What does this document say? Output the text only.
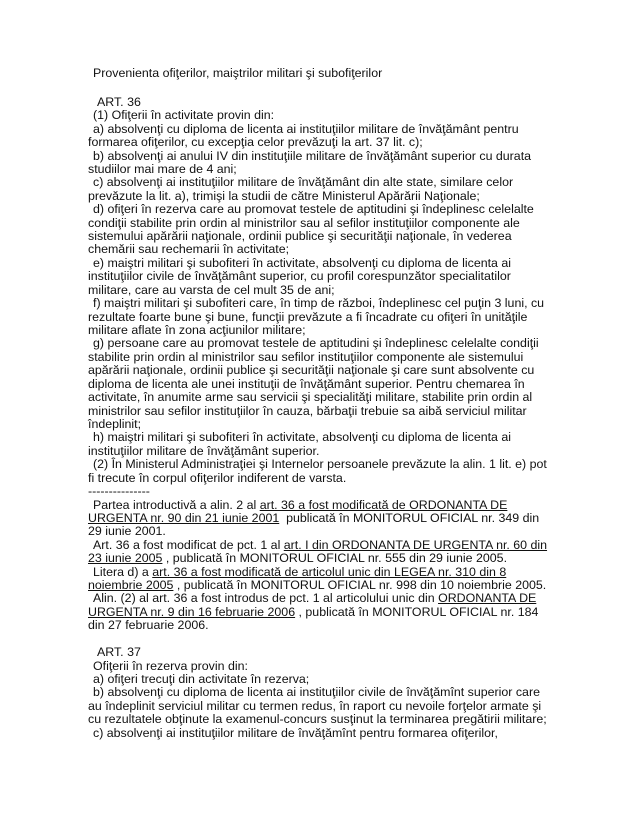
Provenienta ofiţerilor, maiştrilor militari şi subofiţerilor
ART. 36
(1) Ofiţerii în activitate provin din:
a) absolvenţi cu diploma de licenta ai instituţiilor militare de învăţământ pentru
formarea ofiţerilor, cu excepţia celor prevăzuţi la art. 37 lit. c);
b) absolvenţi ai anului IV din instituţiile militare de învăţământ superior cu durata
studiilor mai mare de 4 ani;
c) absolvenţi ai instituţiilor militare de învăţământ din alte state, similare celor
prevăzute la lit. a), trimişi la studii de către Ministerul Apărării Naţionale;
d) ofiţeri în rezerva care au promovat testele de aptitudini şi îndeplinesc celelalte
condiţii stabilite prin ordin al ministrilor sau al sefilor instituţiilor componente ale
sistemului apărării naţionale, ordinii publice şi securităţii naţionale, în vederea
chemării sau rechemarii în activitate;
e) maiştri militari şi subofiteri în activitate, absolvenţi cu diploma de licenta ai
instituţiilor civile de învăţământ superior, cu profil corespunzător specialitatilor
militare, care au varsta de cel mult 35 de ani;
f) maiştri militari şi subofiteri care, în timp de război, îndeplinesc cel puţin 3 luni, cu
rezultate foarte bune şi bune, funcţii prevăzute a fi încadrate cu ofiţeri în unităţile
militare aflate în zona acţiunilor militare;
g) persoane care au promovat testele de aptitudini şi îndeplinesc celelalte condiţii
stabilite prin ordin al ministrilor sau sefilor instituţiilor componente ale sistemului
apărării naţionale, ordinii publice şi securităţii naţionale şi care sunt absolvente cu
diploma de licenta ale unei instituţii de învăţământ superior. Pentru chemarea în
activitate, în anumite arme sau servicii şi specialităţi militare, stabilite prin ordin al
ministrilor sau sefilor instituţiilor în cauza, bărbaţii trebuie sa aibă serviciul militar
îndeplinit;
h) maiştri militari şi subofiteri în activitate, absolvenţi cu diploma de licenta ai
instituţiilor militare de învăţământ superior.
(2) În Ministerul Administraţiei şi Internelor persoanele prevăzute la alin. 1 lit. e) pot
fi trecute în corpul ofiţerilor indiferent de varsta.
---------------
Partea introductivă a alin. 2 al art. 36 a fost modificată de ORDONANTA DE
URGENTA nr. 90 din 21 iunie 2001  publicată în MONITORUL OFICIAL nr. 349 din
29 iunie 2001.
Art. 36 a fost modificat de pct. 1 al art. I din ORDONANTA DE URGENTA nr. 60 din
23 iunie 2005 , publicată în MONITORUL OFICIAL nr. 555 din 29 iunie 2005.
Litera d) a art. 36 a fost modificată de articolul unic din LEGEA nr. 310 din 8
noiembrie 2005 , publicată în MONITORUL OFICIAL nr. 998 din 10 noiembrie 2005.
Alin. (2) al art. 36 a fost introdus de pct. 1 al articolului unic din ORDONANTA DE
URGENTA nr. 9 din 16 februarie 2006 , publicată în MONITORUL OFICIAL nr. 184
din 27 februarie 2006.
ART. 37
Ofiţerii în rezerva provin din:
a) ofiţeri trecuţi din activitate în rezerva;
b) absolvenţi cu diploma de licenta ai instituţiilor civile de învăţămînt superior care
au îndeplinit serviciul militar cu termen redus, în raport cu nevoile forţelor armate şi
cu rezultatele obţinute la examenul-concurs susţinut la terminarea pregătirii militare;
c) absolvenţi ai instituţiilor militare de învăţămînt pentru formarea ofiţerilor,
